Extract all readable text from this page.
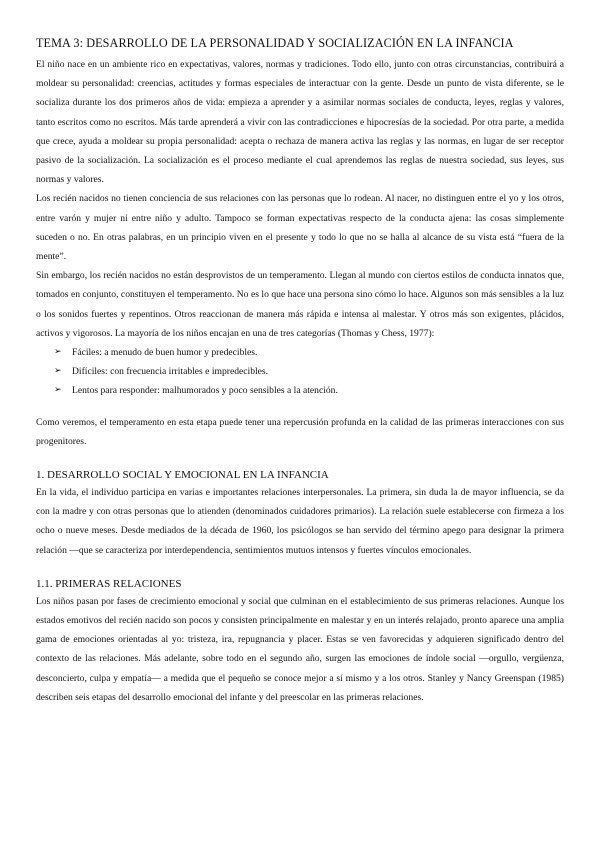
TEMA 3: DESARROLLO DE LA PERSONALIDAD Y SOCIALIZACIÓN EN LA INFANCIA

El niño nace en un ambiente rico en expectativas, valores, normas y tradiciones. Todo ello, junto con otras circunstancias, contribuirá a moldear su personalidad: creencias, actitudes y formas especiales de interactuar con la gente. Desde un punto de vista diferente, se le socializa durante los dos primeros años de vida: empieza a aprender y a asimilar normas sociales de conducta, leyes, reglas y valores, tanto escritos como no escritos. Más tarde aprenderá a vivir con las contradicciones e hipocresías de la sociedad. Por otra parte, a medida que crece, ayuda a moldear su propia personalidad: acepta o rechaza de manera activa las reglas y las normas, en lugar de ser receptor pasivo de la socialización. La socialización es el proceso mediante el cual aprendemos las reglas de nuestra sociedad, sus leyes, sus normas y valores.

Los recién nacidos no tienen conciencia de sus relaciones con las personas que lo rodean. Al nacer, no distinguen entre el yo y los otros, entre varón y mujer ni entre niño y adulto. Tampoco se forman expectativas respecto de la conducta ajena: las cosas simplemente suceden o no. En otras palabras, en un principio viven en el presente y todo lo que no se halla al alcance de su vista está “fuera de la mente”.

Sin embargo, los recién nacidos no están desprovistos de un temperamento. Llegan al mundo con ciertos estilos de conducta innatos que, tomados en conjunto, constituyen el temperamento. No es lo que hace una persona sino cómo lo hace. Algunos son más sensibles a la luz o los sonidos fuertes y repentinos. Otros reaccionan de manera más rápida e intensa al malestar. Y otros más son exigentes, plácidos, activos y vigorosos. La mayoría de los niños encajan en una de tres categorías (Thomas y Chess, 1977):

➢ Fáciles: a menudo de buen humor y predecibles.
➢ Difíciles: con frecuencia irritables e impredecibles.
➢ Lentos para responder: malhumorados y poco sensibles a la atención.

Como veremos, el temperamento en esta etapa puede tener una repercusión profunda en la calidad de las primeras interacciones con sus progenitores.

1. DESARROLLO SOCIAL Y EMOCIONAL EN LA INFANCIA

En la vida, el individuo participa en varias e importantes relaciones interpersonales. La primera, sin duda la de mayor influencia, se da con la madre y con otras personas que lo atienden (denominados cuidadores primarios). La relación suele establecerse con firmeza a los ocho o nueve meses. Desde mediados de la década de 1960, los psicólogos se han servido del término apego para designar la primera relación —que se caracteriza por interdependencia, sentimientos mutuos intensos y fuertes vínculos emocionales.

1.1. PRIMERAS RELACIONES

Los niños pasan por fases de crecimiento emocional y social que culminan en el establecimiento de sus primeras relaciones. Aunque los estados emotivos del recién nacido son pocos y consisten principalmente en malestar y en un interés relajado, pronto aparece una amplia gama de emociones orientadas al yo: tristeza, ira, repugnancia y placer. Estas se ven favorecidas y adquieren significado dentro del contexto de las relaciones. Más adelante, sobre todo en el segundo año, surgen las emociones de índole social —orgullo, vergüenza, desconcierto, culpa y empatía— a medida que el pequeño se conoce mejor a sí mismo y a los otros. Stanley y Nancy Greenspan (1985) describen seis etapas del desarrollo emocional del infante y del preescolar en las primeras relaciones.
